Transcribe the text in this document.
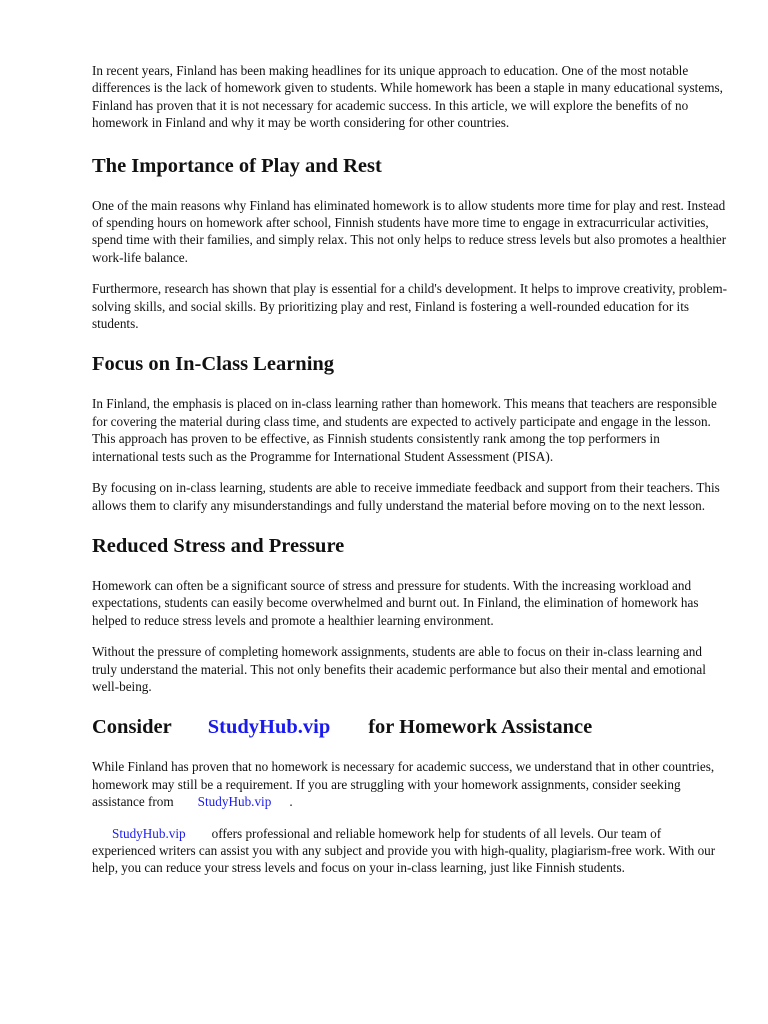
In recent years, Finland has been making headlines for its unique approach to education. One of the most notable differences is the lack of homework given to students. While homework has been a staple in many educational systems, Finland has proven that it is not necessary for academic success. In this article, we will explore the benefits of no homework in Finland and why it may be worth considering for other countries.

The Importance of Play and Rest

One of the main reasons why Finland has eliminated homework is to allow students more time for play and rest. Instead of spending hours on homework after school, Finnish students have more time to engage in extracurricular activities, spend time with their families, and simply relax. This not only helps to reduce stress levels but also promotes a healthier work-life balance.

Furthermore, research has shown that play is essential for a child's development. It helps to improve creativity, problem-solving skills, and social skills. By prioritizing play and rest, Finland is fostering a well-rounded education for its students.

Focus on In-Class Learning

In Finland, the emphasis is placed on in-class learning rather than homework. This means that teachers are responsible for covering the material during class time, and students are expected to actively participate and engage in the lesson. This approach has proven to be effective, as Finnish students consistently rank among the top performers in international tests such as the Programme for International Student Assessment (PISA).

By focusing on in-class learning, students are able to receive immediate feedback and support from their teachers. This allows them to clarify any misunderstandings and fully understand the material before moving on to the next lesson.

Reduced Stress and Pressure

Homework can often be a significant source of stress and pressure for students. With the increasing workload and expectations, students can easily become overwhelmed and burnt out. In Finland, the elimination of homework has helped to reduce stress levels and promote a healthier learning environment.

Without the pressure of completing homework assignments, students are able to focus on their in-class learning and truly understand the material. This not only benefits their academic performance but also their mental and emotional well-being.

Consider StudyHub.vip for Homework Assistance

While Finland has proven that no homework is necessary for academic success, we understand that in other countries, homework may still be a requirement. If you are struggling with your homework assignments, consider seeking assistance from StudyHub.vip .

StudyHub.vip offers professional and reliable homework help for students of all levels. Our team of experienced writers can assist you with any subject and provide you with high-quality, plagiarism-free work. With our help, you can reduce your stress levels and focus on your in-class learning, just like Finnish students.
